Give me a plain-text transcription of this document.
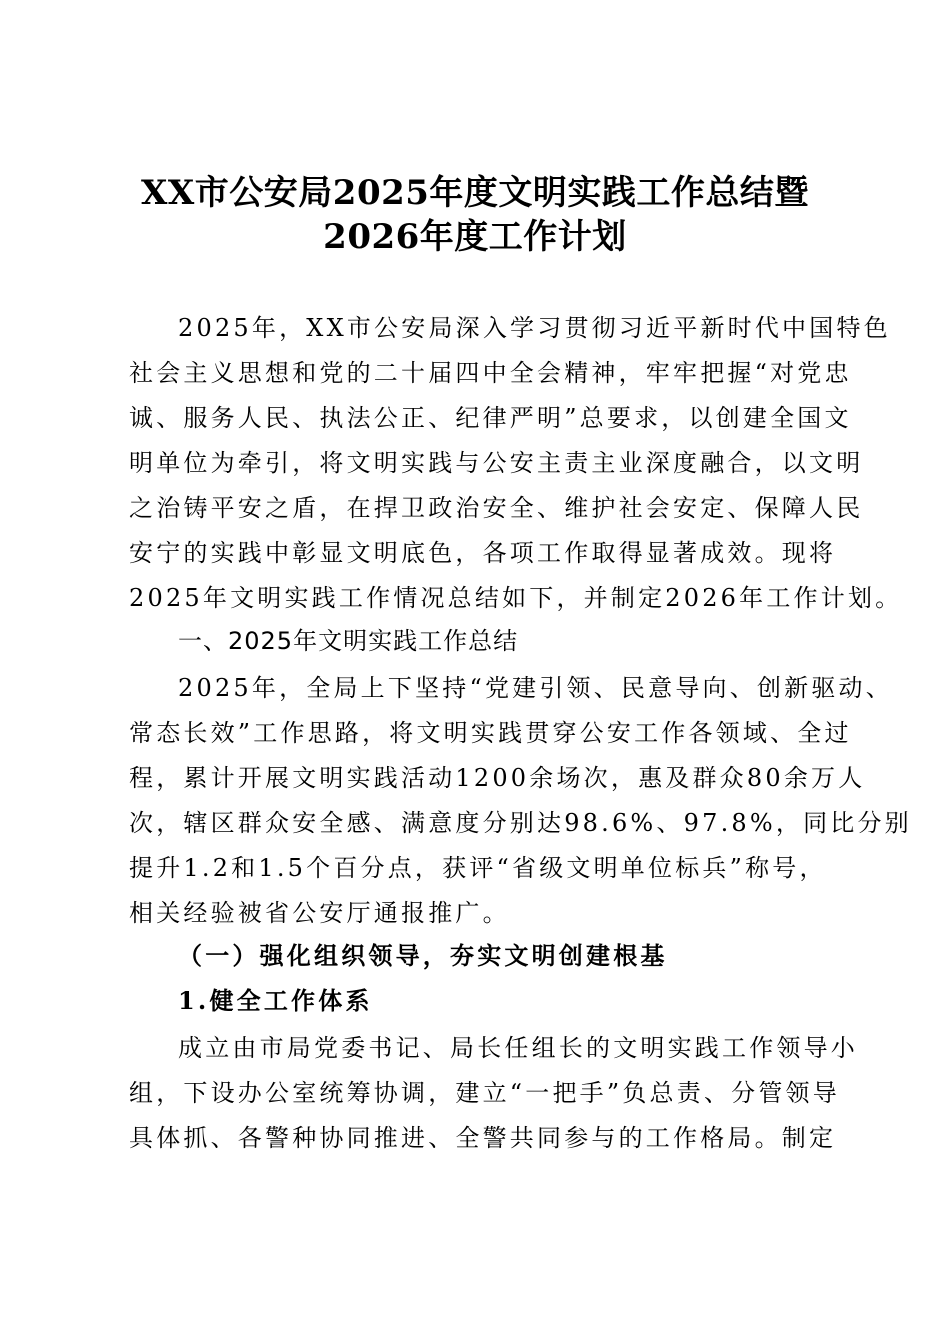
XX市公安局2025年度文明实践工作总结暨
2026年度工作计划
2025年，XX市公安局深入学习贯彻习近平新时代中国特色
社会主义思想和党的二十届四中全会精神，牢牢把握“对党忠
诚、服务人民、执法公正、纪律严明”总要求，以创建全国文
明单位为牵引，将文明实践与公安主责主业深度融合，以文明
之治铸平安之盾，在捍卫政治安全、维护社会安定、保障人民
安宁的实践中彰显文明底色，各项工作取得显著成效。现将
2025年文明实践工作情况总结如下，并制定2026年工作计划。
一、2025年文明实践工作总结
2025年，全局上下坚持“党建引领、民意导向、创新驱动、
常态长效”工作思路，将文明实践贯穿公安工作各领域、全过
程，累计开展文明实践活动1200余场次，惠及群众80余万人
次，辖区群众安全感、满意度分别达98.6%、97.8%，同比分别
提升1.2和1.5个百分点，获评“省级文明单位标兵”称号，
相关经验被省公安厅通报推广。
（一）强化组织领导，夯实文明创建根基
1.健全工作体系
成立由市局党委书记、局长任组长的文明实践工作领导小
组，下设办公室统筹协调，建立“一把手”负总责、分管领导
具体抓、各警种协同推进、全警共同参与的工作格局。制定
